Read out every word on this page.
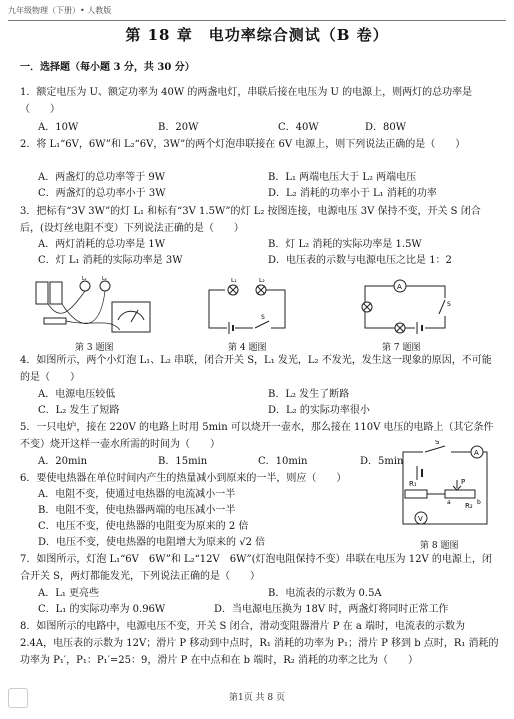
九年级物理（下册）• 人教版
第 18 章　电功率综合测试（B 卷）
一．选择题（每小题 3 分，共 30 分）
1．额定电压为 U、额定功率为 40W 的两盏电灯，串联后接在电压为 U 的电源上，则两灯的总功率是（　　）
A．10W	B．20W	C．40W	D．80W
2．将 L₁“6V，6W”和 L₂“6V，3W”的两个灯泡串联接在 6V 电源上，则下列说法正确的是（　　）
A．两盏灯的总功率等于 9W	B．L₁ 两端电压大于 L₂ 两端电压
C．两盏灯的总功率小于 3W	D．L₂ 消耗的功率小于 L₁ 消耗的功率
3．把标有“3V 3W”的灯 L₁ 和标有“3V 1.5W”的灯 L₂ 按图连接，电源电压 3V 保持不变，开关 S 闭合后，(设灯丝电阻不变）下列说法正确的是（　　）
A．两灯消耗的总功率是 1W	B．灯 L₂ 消耗的实际功率是 1.5W
C．灯 L₁ 消耗的实际功率是 3W	D．电压表的示数与电源电压之比是 1：2
L₁	L₂
第 3 题图
L₁	L₂
S
第 4 题图
A
S
第 7 题图
4．如图所示，两个小灯泡 L₁、L₂ 串联，闭合开关 S，L₁ 发光，L₂ 不发光，发生这一现象的原因，不可能的是（　　）
A．电源电压较低	B．L₂ 发生了断路
C．L₂ 发生了短路	D．L₂ 的实际功率很小
5．一只电炉，接在 220V 的电路上时用 5min 可以烧开一壶水，那么接在 110V 电压的电路上（其它条件不变）烧开这样一壶水所需的时间为（　　）
A．20min	B．15min	C．10min	D．5min
6．要使电热器在单位时间内产生的热量减小到原来的一半，则应（　　）
A．电阻不变，使通过电热器的电流减小一半
B．电阻不变，使电热器两端的电压减小一半
C．电压不变，使电热器的电阻变为原来的 2 倍
D．电压不变，使电热器的电阻增大为原来的 √2 倍
S
A
R₁
R₂
a	b
P
V
第 8 题图
7．如图所示，灯泡 L₁“6V　6W”和 L₂“12V　6W”(灯泡电阻保持不变）串联在电压为 12V 的电源上，闭合开关 S，两灯都能发光，下列说法正确的是（　　）
A．L₁ 更亮些	B．电流表的示数为 0.5A
C．L₁ 的实际功率为 0.96W	D．当电源电压换为 18V 时，两盏灯将同时正常工作
8．如图所示的电路中，电源电压不变，开关 S 闭合，滑动变阻器滑片 P 在 a 端时，电流表的示数为 2.4A，电压表的示数为 12V；滑片 P 移动到中点时，R₁ 消耗的功率为 P₁；滑片 P 移到 b 点时，R₁ 消耗的功率为 P₁′，P₁：P₁′=25：9，滑片 P 在中点和在 b 端时，R₂ 消耗的功率之比为（　　）
第1页 共 8 页
